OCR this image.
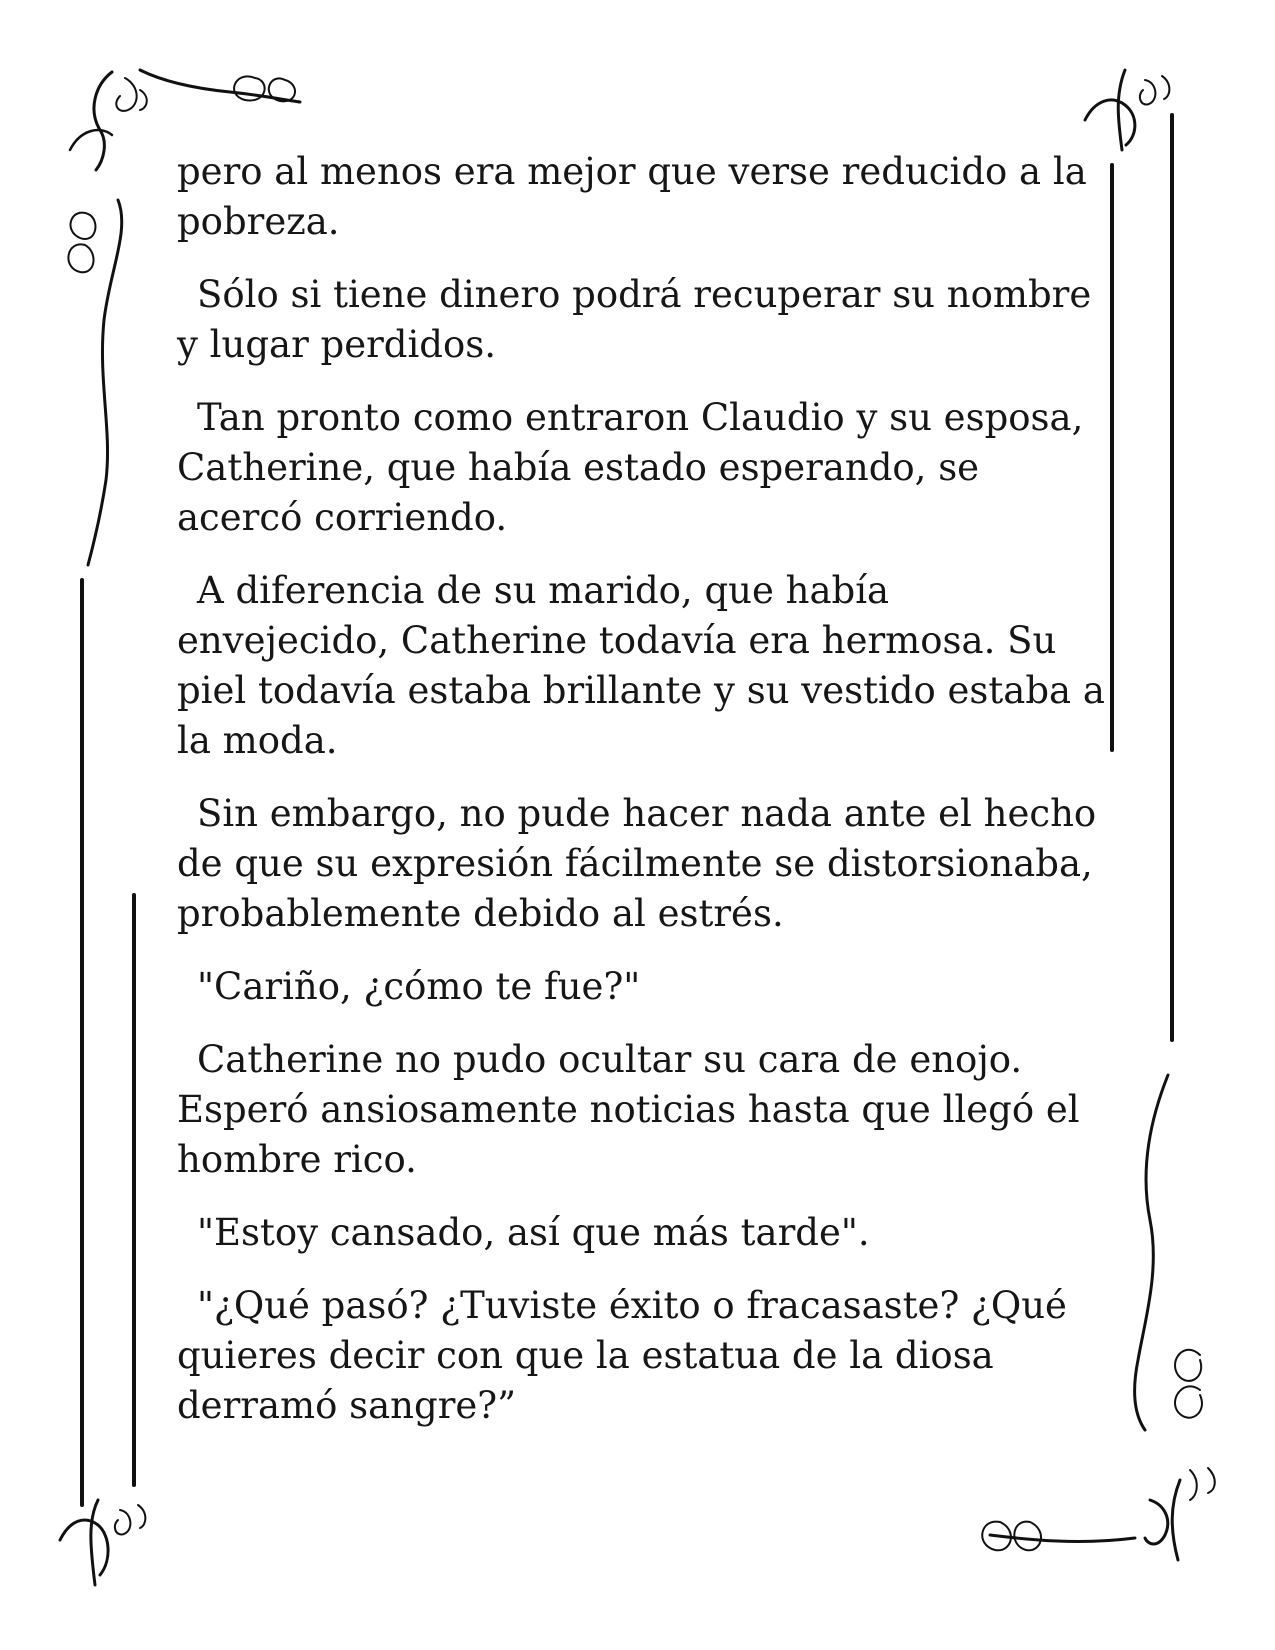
pero al menos era mejor que verse reducido a la pobreza.

Sólo si tiene dinero podrá recuperar su nombre y lugar perdidos.

Tan pronto como entraron Claudio y su esposa, Catherine, que había estado esperando, se acercó corriendo.

A diferencia de su marido, que había envejecido, Catherine todavía era hermosa. Su piel todavía estaba brillante y su vestido estaba a la moda.

Sin embargo, no pude hacer nada ante el hecho de que su expresión fácilmente se distorsionaba, probablemente debido al estrés.

"Cariño, ¿cómo te fue?"

Catherine no pudo ocultar su cara de enojo. Esperó ansiosamente noticias hasta que llegó el hombre rico.

"Estoy cansado, así que más tarde".

"¿Qué pasó? ¿Tuviste éxito o fracasaste? ¿Qué quieres decir con que la estatua de la diosa derramó sangre?”
